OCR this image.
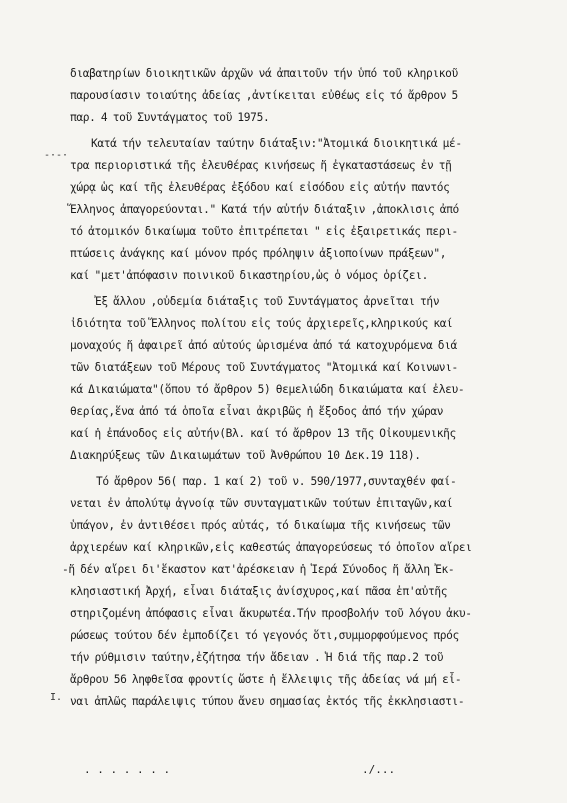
διαβατηρίων διοικητικῶν ἀρχῶν νά ἀπαιτοῦν τήν ὑπό τοῦ κληρικοῦ
παρουσίασιν τοιαύτης ἀδείας ,ἀντίκειται εὐθέως εἰς τό ἄρθρον 5
παρ. 4 τοῦ Συντάγματος τοῦ 1975.
Κατά τήν τελευταίαν ταύτην διάταξιν:"Ἀτομικά διοικητικά μέ-
τρα περιοριστικά τῆς ἐλευθέρας κινήσεως ἤ ἐγκαταστάσεως ἐν τῇ
χώρᾳ ὡς καί τῆς ἐλευθέρας ἐξόδου καί εἰσόδου εἰς αὐτήν παντός
Ἕλληνος ἀπαγορεύονται." Κατά τήν αὐτήν διάταξιν ,ἀποκλισις ἀπό
τό ἀτομικόν δικαίωμα τοῦτο ἐπιτρέπεται " εἰς ἐξαιρετικάς περι-
πτώσεις ἀνάγκης καί μόνον πρός πρόληψιν ἀξιοποίνων πράξεων",
καί "μετ'ἀπόφασιν ποινικοῦ δικαστηρίου,ὡς ὁ νόμος ὁρίζει.
Ἐξ ἄλλου ,οὐδεμία διάταξις τοῦ Συντάγματος ἀρνεῖται τήν
ἰδιότητα τοῦ Ἕλληνος πολίτου εἰς τούς ἀρχιερεῖς,κληρικούς καί
μοναχούς ἤ ἀφαιρεῖ ἀπό αὐτούς ὡρισμένα ἀπό τά κατοχυρόμενα διά
τῶν διατάξεων τοῦ Μέρους τοῦ Συντάγματος "Ἀτομικά καί Κοινωνι-
κά Δικαιώματα"(ὅπου τό ἄρθρον 5) θεμελιώδη δικαιώματα καί ἐλευ-
θερίας,ἕνα ἀπό τά ὁποῖα εἶναι ἀκριβῶς ἡ ἔξοδος ἀπό τήν χώραν
καί ἡ ἐπάνοδος εἰς αὐτήν(Βλ. καί τό ἄρθρον 13 τῆς Οἰκουμενικῆς
Διακηρύξεως τῶν Δικαιωμάτων τοῦ Ἀνθρώπου 10 Δεκ.19 118).
Τό ἄρθρον 56( παρ. 1 καί 2) τοῦ ν. 590/1977,συνταχθέν φαί-
νεται ἐν ἀπολύτῳ ἀγνοίᾳ τῶν συνταγματικῶν τούτων ἐπιταγῶν,καί
ὑπάγον, ἐν ἀντιθέσει πρός αὐτάς, τό δικαίωμα τῆς κινήσεως τῶν
ἀρχιερέων καί κληρικῶν,εἰς καθεστώς ἀπαγορεύσεως τό ὁποῖον αἴρει
-ἤ δέν αἴρει δι'ἕκαστον κατ'ἀρέσκειαν ἡ Ἱερά Σύνοδος ἤ ἄλλη Ἐκ-
κλησιαστική Ἀρχή, εἶναι διάταξις ἀνίσχυρος,καί πᾶσα ἐπ'αὐτῆς
στηριζομένη ἀπόφασις εἶναι ἄκυρωτέα.Τήν προσβολήν τοῦ λόγου ἀκυ-
ρώσεως τούτου δέν ἐμποδίζει τό γεγονός ὅτι,συμμορφούμενος πρός
τήν ρύθμισιν ταύτην,ἐζήτησα τήν ἄδειαν . Ἡ διά τῆς παρ.2 τοῦ
ἄρθρου 56 ληφθεῖσα φροντίς ὥστε ἡ ἔλλειψις τῆς ἀδείας νά μή εἶ-
ναι ἁπλῶς παράλειψις τύπου ἄνευ σημασίας ἐκτός τῆς ἐκκλησιαστι-
-·-·
I.
. . . . . . .	./...
